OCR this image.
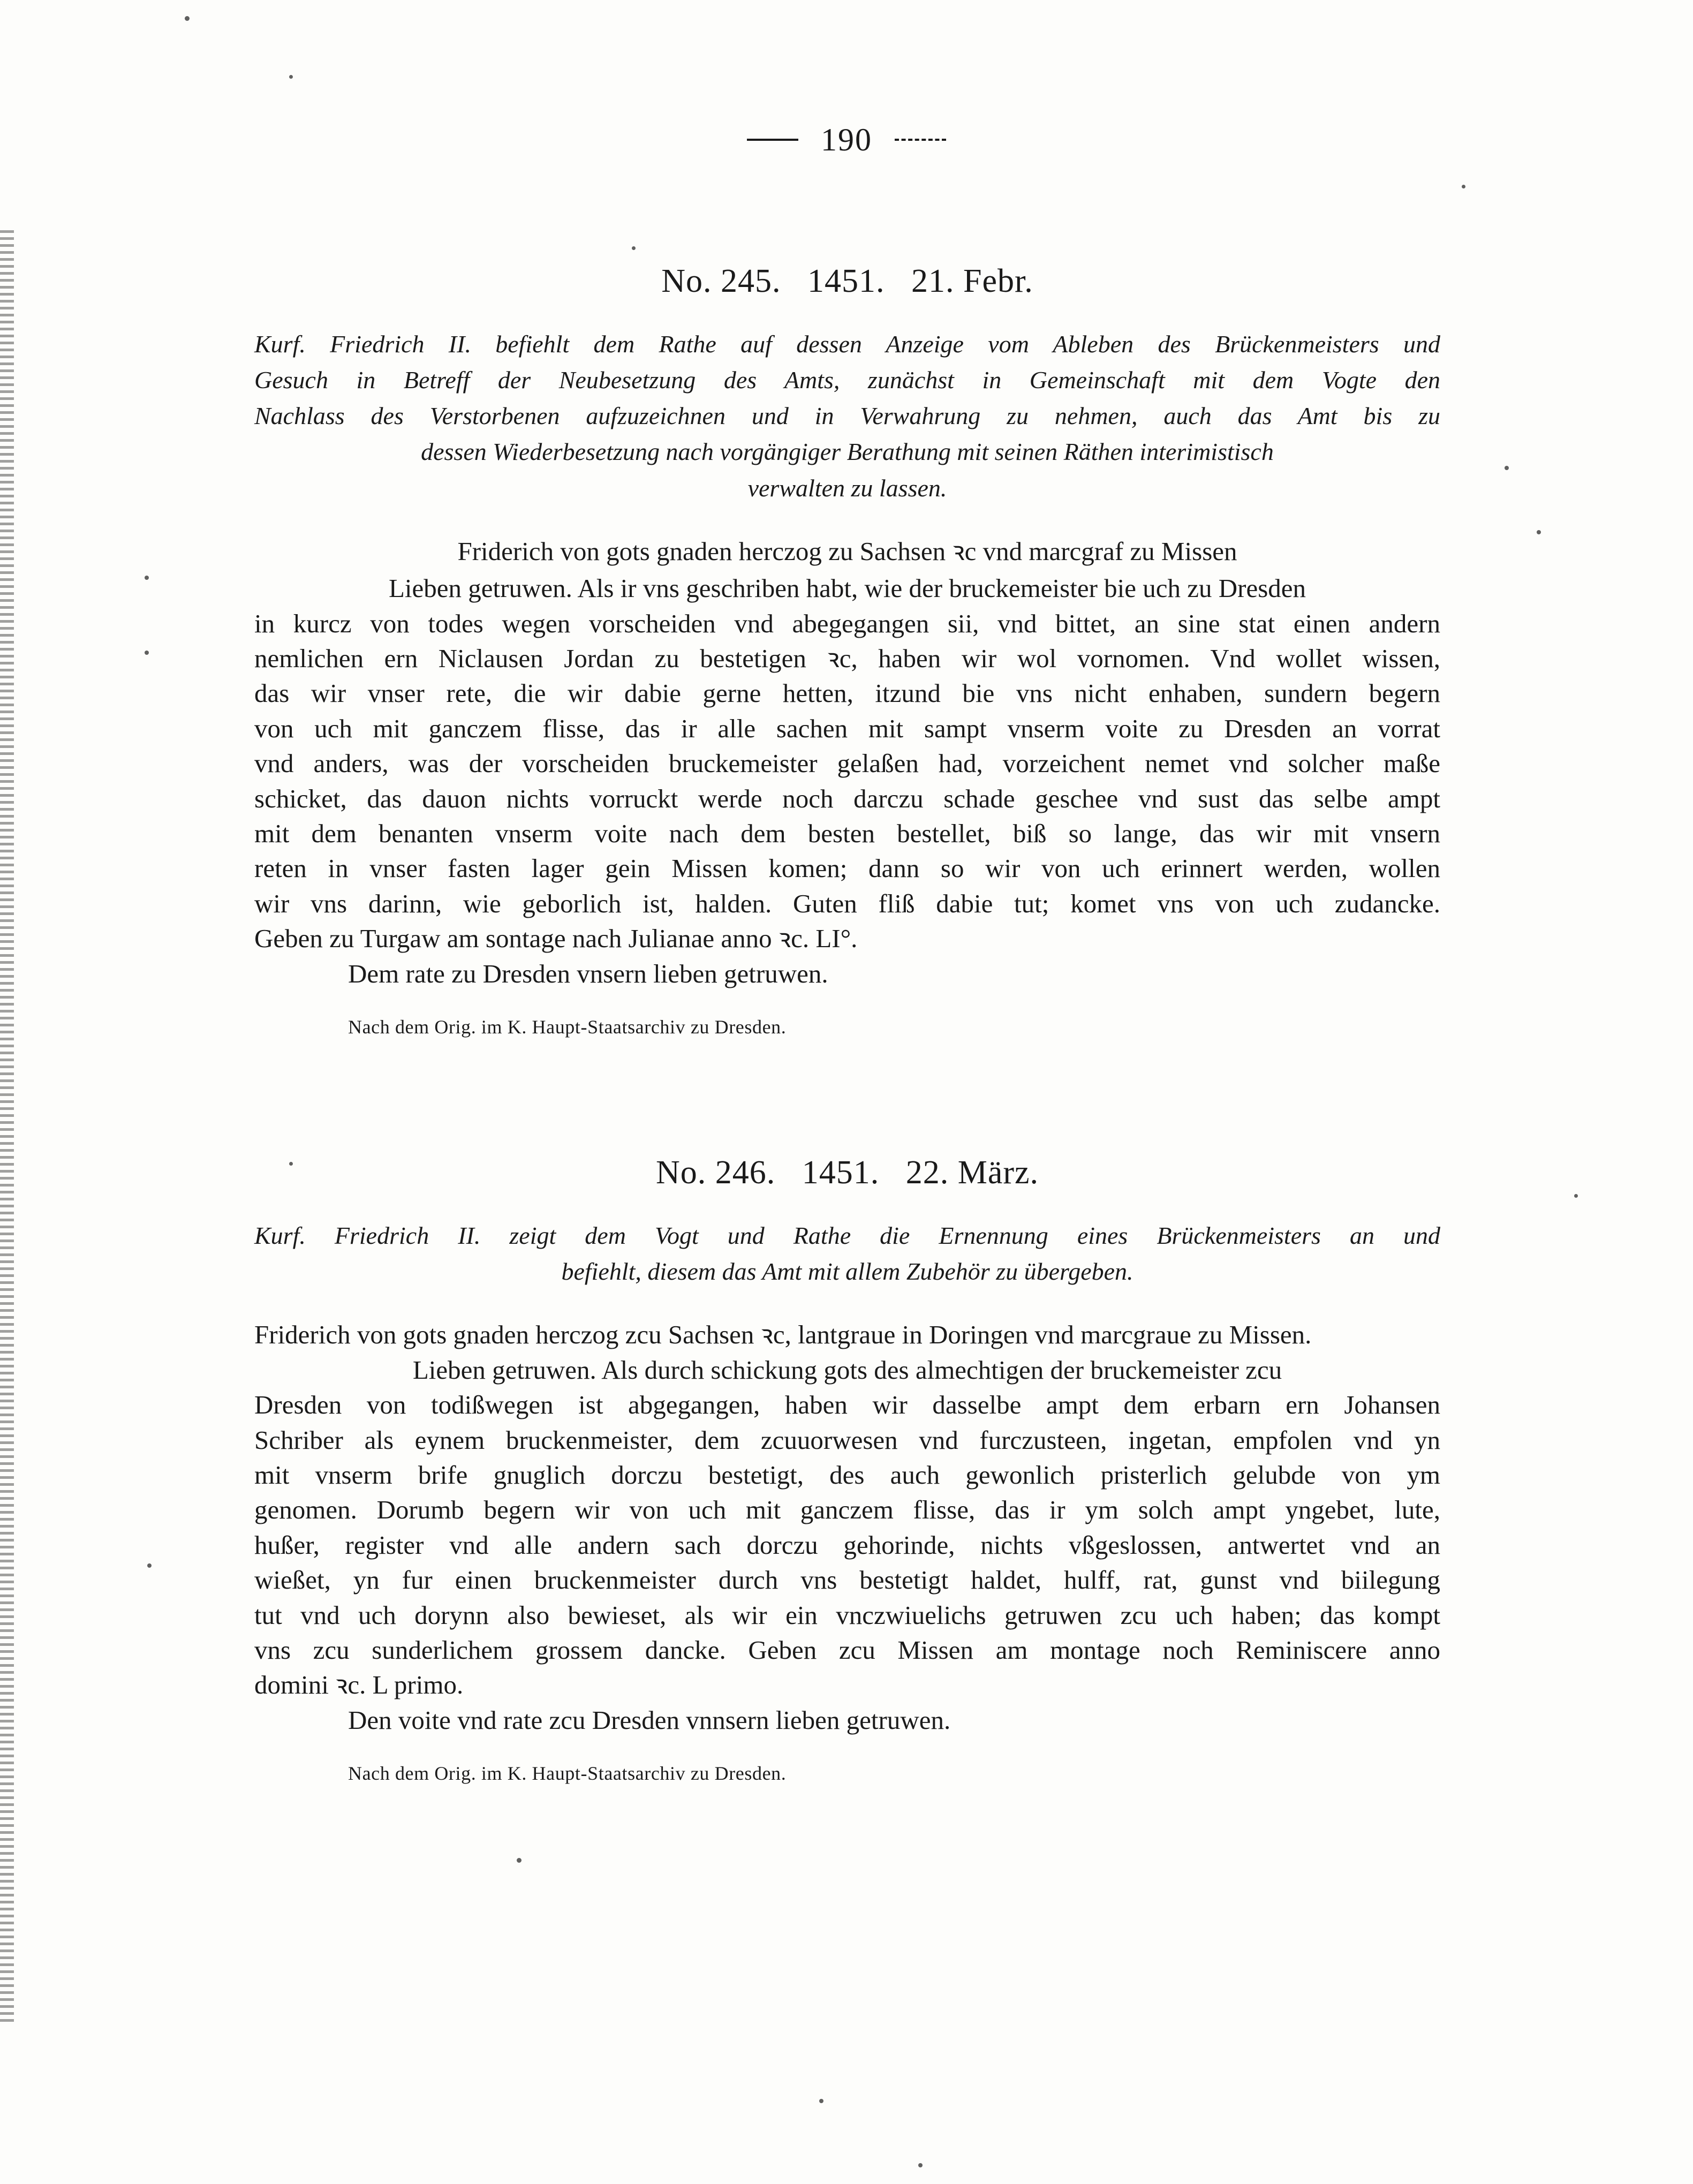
190
No. 245.   1451.   21. Febr.
Kurf. Friedrich II. befiehlt dem Rathe auf dessen Anzeige vom Ableben des Brückenmeisters und
Gesuch in Betreff der Neubesetzung des Amts, zunächst in Gemeinschaft mit dem Vogte den
Nachlass des Verstorbenen aufzuzeichnen und in Verwahrung zu nehmen, auch das Amt bis zu
dessen Wiederbesetzung nach vorgängiger Berathung mit seinen Räthen interimistisch
verwalten zu lassen.

Friderich von gots gnaden herczog zu Sachsen ꝛc vnd marcgraf zu Missen
Lieben getruwen. Als ir vns geschriben habt, wie der bruckemeister bie uch zu Dresden
in kurcz von todes wegen vorscheiden vnd abegegangen sii, vnd bittet, an sine stat einen andern
nemlichen ern Niclausen Jordan zu bestetigen ꝛc, haben wir wol vornomen. Vnd wollet wissen,
das wir vnser rete, die wir dabie gerne hetten, itzund bie vns nicht enhaben, sundern begern
von uch mit ganczem flisse, das ir alle sachen mit sampt vnserm voite zu Dresden an vorrat
vnd anders, was der vorscheiden bruckemeister gelaßen had, vorzeichent nemet vnd solcher maße
schicket, das dauon nichts vorruckt werde noch darczu schade geschee vnd sust das selbe ampt
mit dem benanten vnserm voite nach dem besten bestellet, biß so lange, das wir mit vnsern
reten in vnser fasten lager gein Missen komen; dann so wir von uch erinnert werden, wollen
wir vns darinn, wie geborlich ist, halden. Guten fliß dabie tut; komet vns von uch zudancke.
Geben zu Turgaw am sontage nach Julianae anno ꝛc. LI°.
Dem rate zu Dresden vnsern lieben getruwen.

Nach dem Orig. im K. Haupt-Staatsarchiv zu Dresden.
No. 246.   1451.   22. März.
Kurf. Friedrich II. zeigt dem Vogt und Rathe die Ernennung eines Brückenmeisters an und
befiehlt, diesem das Amt mit allem Zubehör zu übergeben.

Friderich von gots gnaden herczog zcu Sachsen ꝛc, lantgraue in Doringen vnd marcgraue zu Missen.
Lieben getruwen. Als durch schickung gots des almechtigen der bruckemeister zcu
Dresden von todißwegen ist abgegangen, haben wir dasselbe ampt dem erbarn ern Johansen
Schriber als eynem bruckenmeister, dem zcuuorwesen vnd furczusteen, ingetan, empfolen vnd yn
mit vnserm brife gnuglich dorczu bestetigt, des auch gewonlich pristerlich gelubde von ym
genomen. Dorumb begern wir von uch mit ganczem flisse, das ir ym solch ampt yngebet, lute,
hußer, register vnd alle andern sach dorczu gehorinde, nichts vßgeslossen, antwertet vnd an
wießet, yn fur einen bruckenmeister durch vns bestetigt haldet, hulff, rat, gunst vnd biilegung
tut vnd uch dorynn also bewieset, als wir ein vnczwiuelichs getruwen zcu uch haben; das kompt
vns zcu sunderlichem grossem dancke. Geben zcu Missen am montage noch Reminiscere anno
domini ꝛc. L primo.
Den voite vnd rate zcu Dresden vnnsern lieben getruwen.

Nach dem Orig. im K. Haupt-Staatsarchiv zu Dresden.
